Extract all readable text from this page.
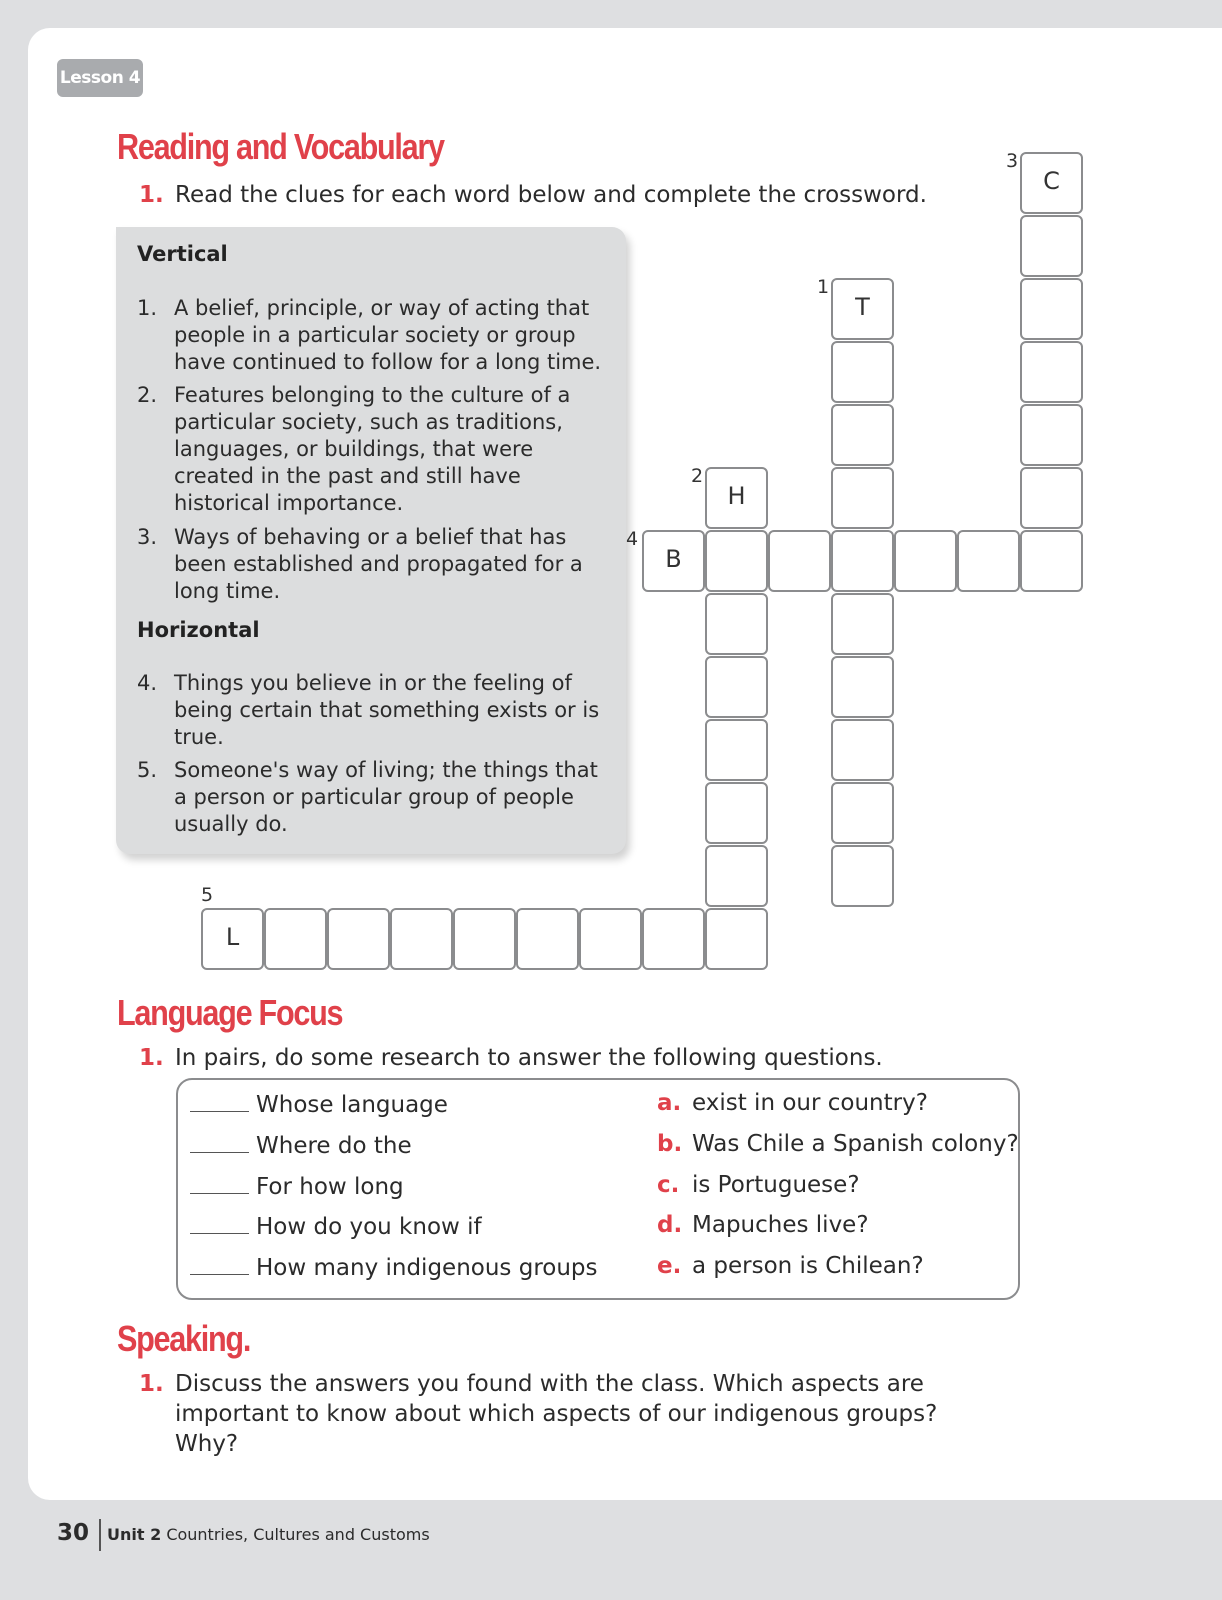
Lesson 4
Reading and Vocabulary
1. Read the clues for each word below and complete the crossword.
Vertical
1. A belief, principle, or way of acting that people in a particular society or group have continued to follow for a long time.
2. Features belonging to the culture of a particular society, such as traditions, languages, or buildings, that were created in the past and still have historical importance.
3. Ways of behaving or a belief that has been established and propagated for a long time.
Horizontal
4. Things you believe in or the feeling of being certain that something exists or is true.
5. Someone's way of living; the things that a person or particular group of people usually do.
T
1
H
2
C
3
B
4
L
5
Language Focus
1. In pairs, do some research to answer the following questions.
Whose language
Where do the
For how long
How do you know if
How many indigenous groups
a. exist in our country?
b. Was Chile a Spanish colony?
c. is Portuguese?
d. Mapuches live?
e. a person is Chilean?
Speaking.
1. Discuss the answers you found with the class. Which aspects are
important to know about which aspects of our indigenous groups?
Why?
30 Unit 2 Countries, Cultures and Customs
